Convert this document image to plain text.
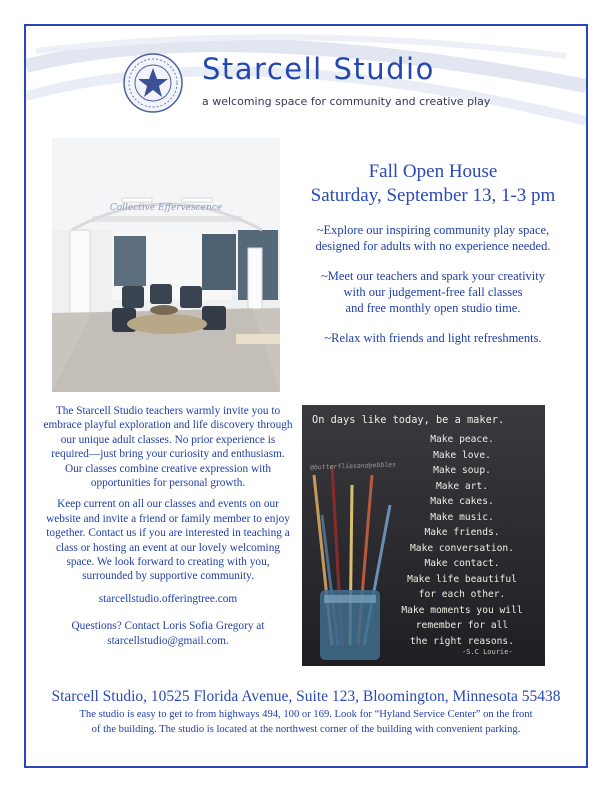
Starcell Studio
a welcoming space for community and creative play
Collective Effervescence
Fall Open House
Saturday, September 13, 1-3 pm
~Explore our inspiring community play space,
designed for adults with no experience needed.
~Meet our teachers and spark your creativity
with our judgement-free fall classes
and free monthly open studio time.
~Relax with friends and light refreshments.

The Starcell Studio teachers warmly invite you to embrace playful exploration and life discovery through our unique adult classes. No prior experience is required—just bring your curiosity and enthusiasm. Our classes combine creative expression with opportunities for personal growth.

Keep current on all our classes and events on our website and invite a friend or family member to enjoy together. Contact us if you are interested in teaching a class or hosting an event at our lovely welcoming space. We look forward to creating with you, surrounded by supportive community.

starcellstudio.offeringtree.com

Questions? Contact Loris Sofia Gregory at
starcellstudio@gmail.com.
On days like today, be a maker.
Make peace.
Make love.
Make soup.
Make art.
Make cakes.
Make music.
Make friends.
Make conversation.
Make contact.
Make life beautiful
for each other.
Make moments you will
remember for all
the right reasons.
-S.C Lourie-
@butterfliesandpebbles
Starcell Studio, 10525 Florida Avenue, Suite 123, Bloomington, Minnesota 55438
The studio is easy to get to from highways 494, 100 or 169. Look for “Hyland Service Center” on the front
of the building. The studio is located at the northwest corner of the building with convenient parking.
